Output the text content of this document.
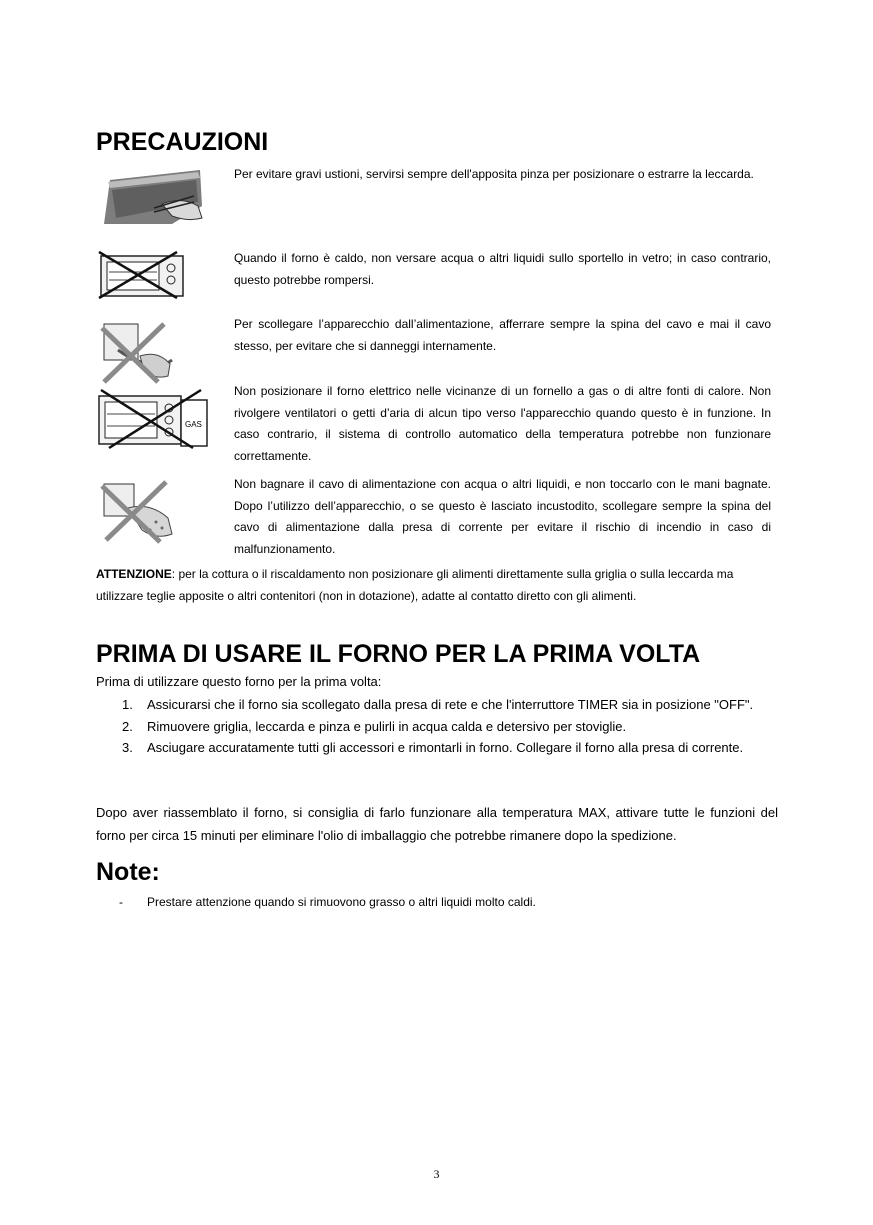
PRECAUZIONI

Per evitare gravi ustioni, servirsi sempre dell'apposita pinza per posizionare o estrarre la leccarda.

Quando il forno è caldo, non versare acqua o altri liquidi sullo sportello in vetro; in caso contrario, questo potrebbe rompersi.

Per scollegare l’apparecchio dall’alimentazione, afferrare sempre la spina del cavo e mai il cavo stesso, per evitare che si danneggi internamente.

GAS

Non posizionare il forno elettrico nelle vicinanze di un fornello a gas o di altre fonti di calore. Non rivolgere ventilatori o getti d’aria di alcun tipo verso l'apparecchio quando questo è in funzione. In caso contrario, il sistema di controllo automatico della temperatura potrebbe non funzionare correttamente.

Non bagnare il cavo di alimentazione con acqua o altri liquidi, e non toccarlo con le mani bagnate. Dopo l’utilizzo dell’apparecchio, o se questo è lasciato incustodito, scollegare sempre la spina del cavo di alimentazione dalla presa di corrente per evitare il rischio di incendio in caso di malfunzionamento.

ATTENZIONE: per la cottura o il riscaldamento non posizionare gli alimenti direttamente sulla griglia o sulla leccarda ma utilizzare teglie apposite o altri contenitori (non in dotazione), adatte al contatto diretto con gli alimenti.

PRIMA DI USARE IL FORNO PER LA PRIMA VOLTA

Prima di utilizzare questo forno per la prima volta:

1. Assicurarsi che il forno sia scollegato dalla presa di rete e che l'interruttore TIMER sia in posizione "OFF".
2. Rimuovere griglia, leccarda e pinza e pulirli in acqua calda e detersivo per stoviglie.
3. Asciugare accuratamente tutti gli accessori e rimontarli in forno. Collegare il forno alla presa di corrente.

Dopo aver riassemblato il forno, si consiglia di farlo funzionare alla temperatura MAX, attivare tutte le funzioni del forno per circa 15 minuti per eliminare l'olio di imballaggio che potrebbe rimanere dopo la spedizione.

Note:

- Prestare attenzione quando si rimuovono grasso o altri liquidi molto caldi.

3
